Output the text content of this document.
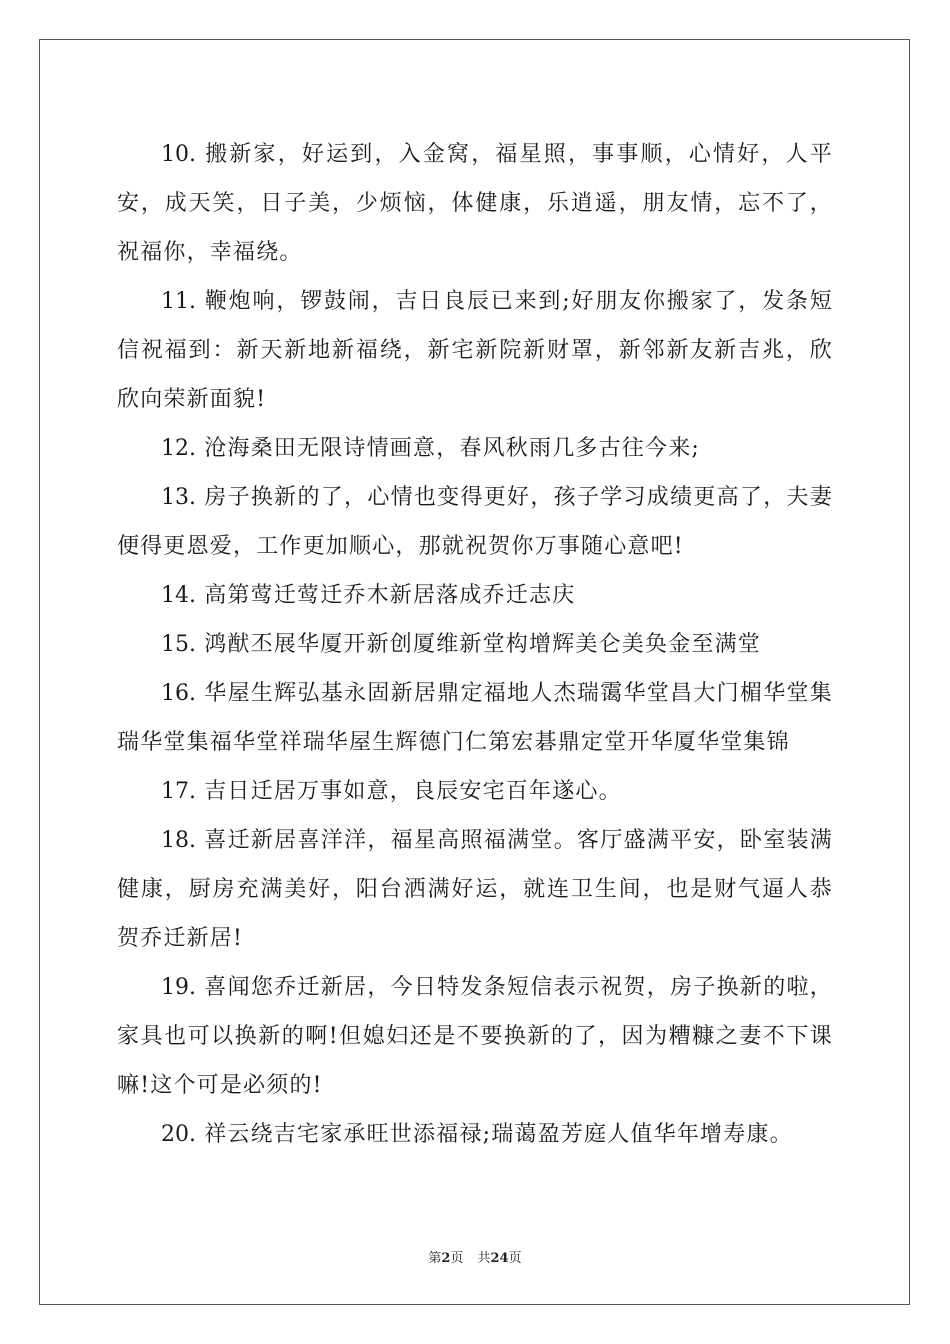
10. 搬新家，好运到，入金窝，福星照，事事顺，心情好，人平安，成天笑，日子美，少烦恼，体健康，乐逍遥，朋友情，忘不了，祝福你，幸福绕。

11. 鞭炮响，锣鼓闹，吉日良辰已来到;好朋友你搬家了，发条短信祝福到：新天新地新福绕，新宅新院新财罩，新邻新友新吉兆，欣欣向荣新面貌!

12. 沧海桑田无限诗情画意，春风秋雨几多古往今来;

13. 房子换新的了，心情也变得更好，孩子学习成绩更高了，夫妻便得更恩爱，工作更加顺心，那就祝贺你万事随心意吧!

14. 高第莺迁莺迁乔木新居落成乔迁志庆

15. 鸿猷丕展华厦开新创厦维新堂构增辉美仑美奂金至满堂

16. 华屋生辉弘基永固新居鼎定福地人杰瑞霭华堂昌大门楣华堂集瑞华堂集福华堂祥瑞华屋生辉德门仁第宏碁鼎定堂开华厦华堂集锦

17. 吉日迁居万事如意，良辰安宅百年遂心。

18. 喜迁新居喜洋洋，福星高照福满堂。客厅盛满平安，卧室装满健康，厨房充满美好，阳台洒满好运，就连卫生间，也是财气逼人恭贺乔迁新居!

19. 喜闻您乔迁新居，今日特发条短信表示祝贺，房子换新的啦，家具也可以换新的啊!但媳妇还是不要换新的了，因为糟糠之妻不下课嘛!这个可是必须的!

20. 祥云绕吉宅家承旺世添福禄;瑞蔼盈芳庭人值华年增寿康。

第2页 共24页
